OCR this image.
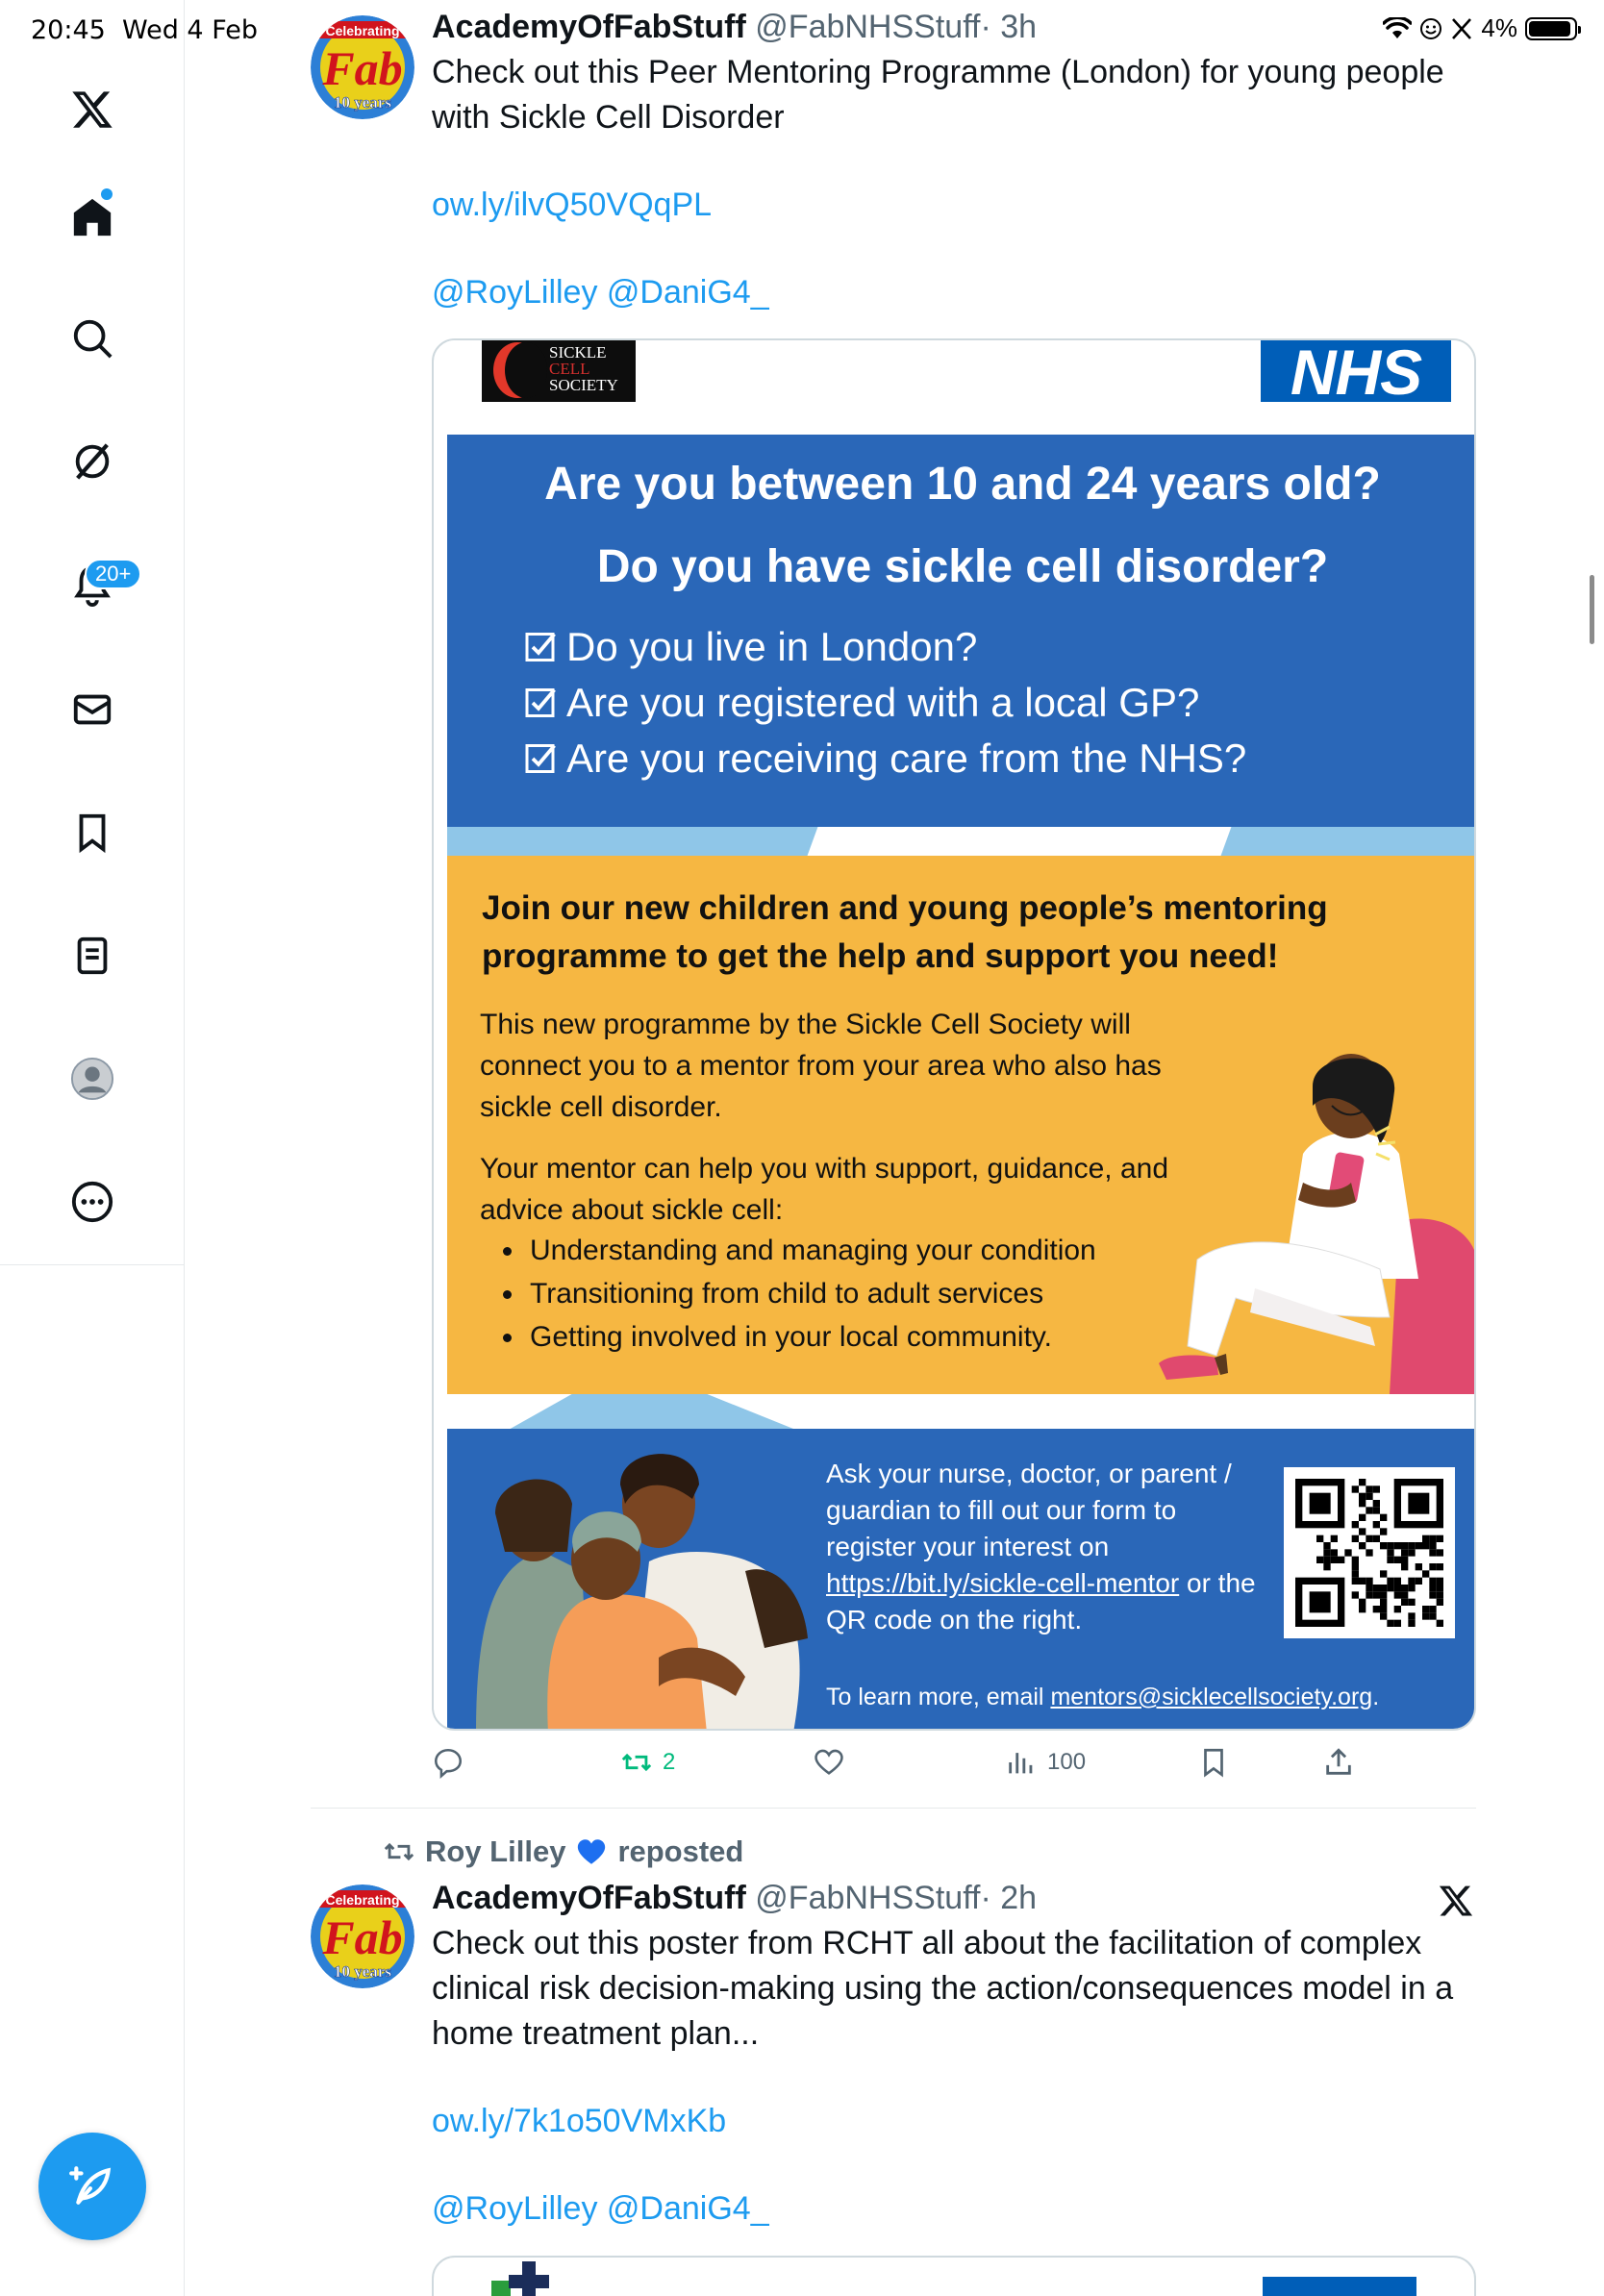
20:45 Wed 4 Feb	4%
20+
Celebrating
Fab
10 years
AcademyOfFabStuff @FabNHSStuff· 3h
Check out this Peer Mentoring Programme (London) for young people with Sickle Cell Disorder
ow.ly/ilvQ50VQqPL
@RoyLilley @DaniG4_
SICKLE
CELL
SOCIETY	NHS
Are you between 10 and 24 years old?
Do you have sickle cell disorder?
Do you live in London?
Are you registered with a local GP?
Are you receiving care from the NHS?
Join our new children and young people’s mentoring programme to get the help and support you need!
This new programme by the Sickle Cell Society will connect you to a mentor from your area who also has sickle cell disorder.
Your mentor can help you with support, guidance, and advice about sickle cell:
Understanding and managing your condition
Transitioning from child to adult services
Getting involved in your local community.
Ask your nurse, doctor, or parent / guardian to fill out our form to register your interest on https://bit.ly/sickle-cell-mentor or the QR code on the right.
To learn more, email mentors@sicklecellsociety.org.
2	100
Roy Lilley reposted
Celebrating
Fab
10 years
AcademyOfFabStuff @FabNHSStuff· 2h
Check out this poster from RCHT all about the facilitation of complex clinical risk decision-making using the action/consequences model in a home treatment plan...
ow.ly/7k1o50VMxKb
@RoyLilley @DaniG4_
